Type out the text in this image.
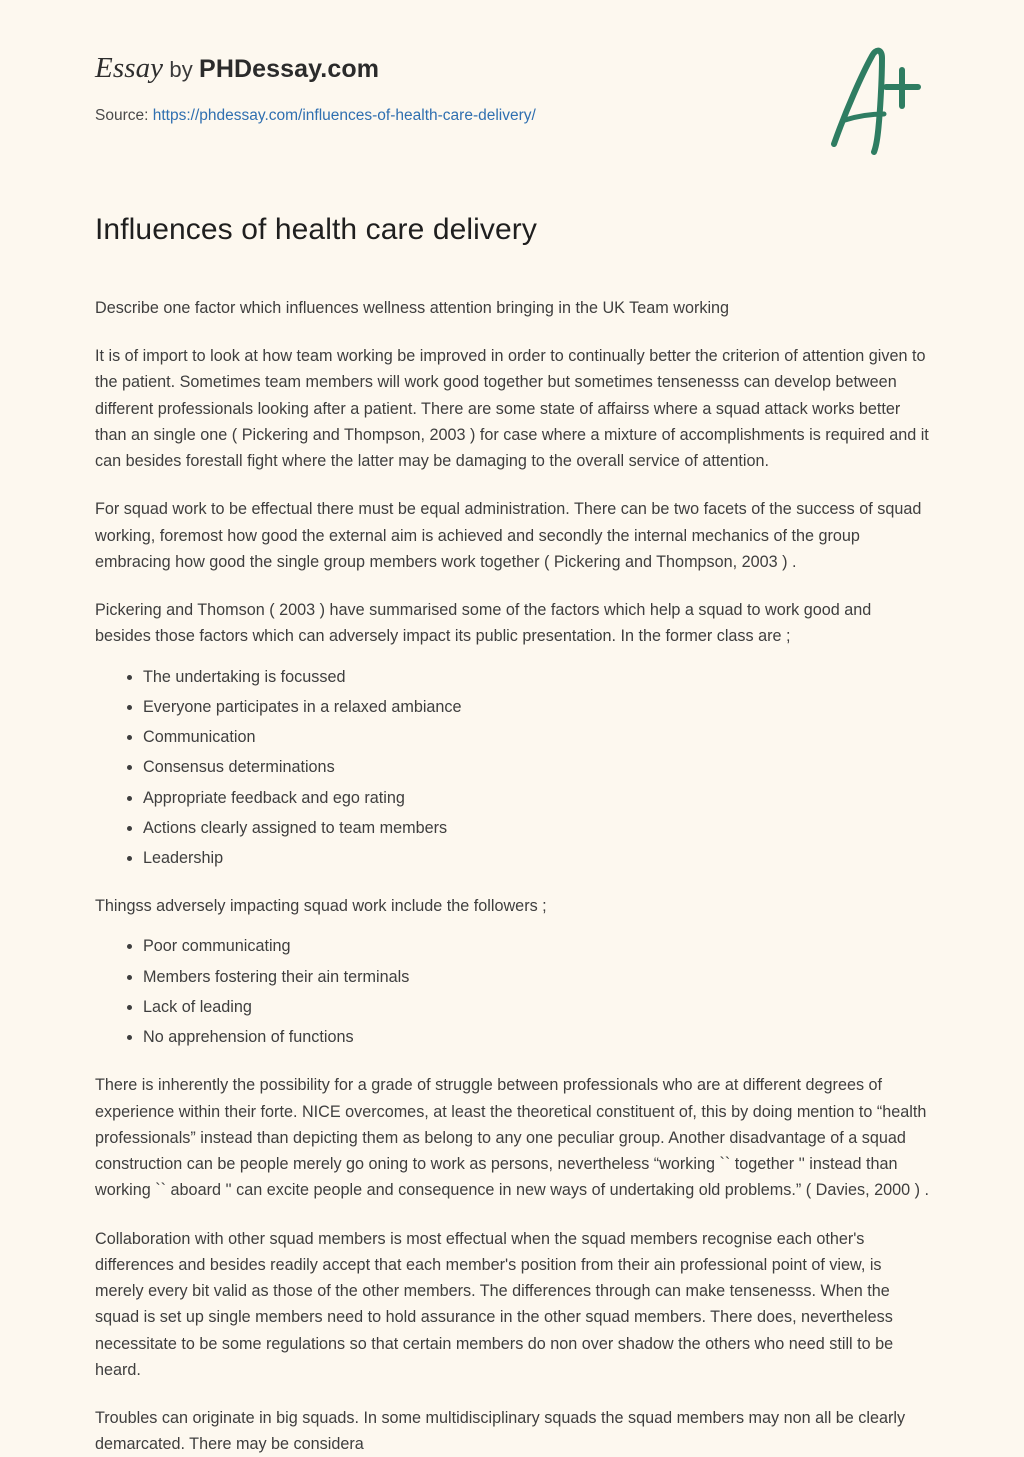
Essay by PHDessay.com
Source: https://phdessay.com/influences-of-health-care-delivery/
Influences of health care delivery

Describe one factor which influences wellness attention bringing in the UK Team working

It is of import to look at how team working be improved in order to continually better the criterion of attention given to the patient. Sometimes team members will work good together but sometimes tensenesss can develop between different professionals looking after a patient. There are some state of affairss where a squad attack works better than an single one ( Pickering and Thompson, 2003 ) for case where a mixture of accomplishments is required and it can besides forestall fight where the latter may be damaging to the overall service of attention.

For squad work to be effectual there must be equal administration. There can be two facets of the success of squad working, foremost how good the external aim is achieved and secondly the internal mechanics of the group embracing how good the single group members work together ( Pickering and Thompson, 2003 ) .

Pickering and Thomson ( 2003 ) have summarised some of the factors which help a squad to work good and besides those factors which can adversely impact its public presentation. In the former class are ;

• The undertaking is focussed
• Everyone participates in a relaxed ambiance
• Communication
• Consensus determinations
• Appropriate feedback and ego rating
• Actions clearly assigned to team members
• Leadership

Thingss adversely impacting squad work include the followers ;

• Poor communicating
• Members fostering their ain terminals
• Lack of leading
• No apprehension of functions

There is inherently the possibility for a grade of struggle between professionals who are at different degrees of experience within their forte. NICE overcomes, at least the theoretical constituent of, this by doing mention to “health professionals” instead than depicting them as belong to any one peculiar group. Another disadvantage of a squad construction can be people merely go oning to work as persons, nevertheless “working `` together '' instead than working `` aboard '' can excite people and consequence in new ways of undertaking old problems.” ( Davies, 2000 ) .

Collaboration with other squad members is most effectual when the squad members recognise each other's differences and besides readily accept that each member's position from their ain professional point of view, is merely every bit valid as those of the other members. The differences through can make tensenesss. When the squad is set up single members need to hold assurance in the other squad members. There does, nevertheless necessitate to be some regulations so that certain members do non over shadow the others who need still to be heard.

Troubles can originate in big squads. In some multidisciplinary squads the squad members may non all be clearly demarcated. There may be considera
